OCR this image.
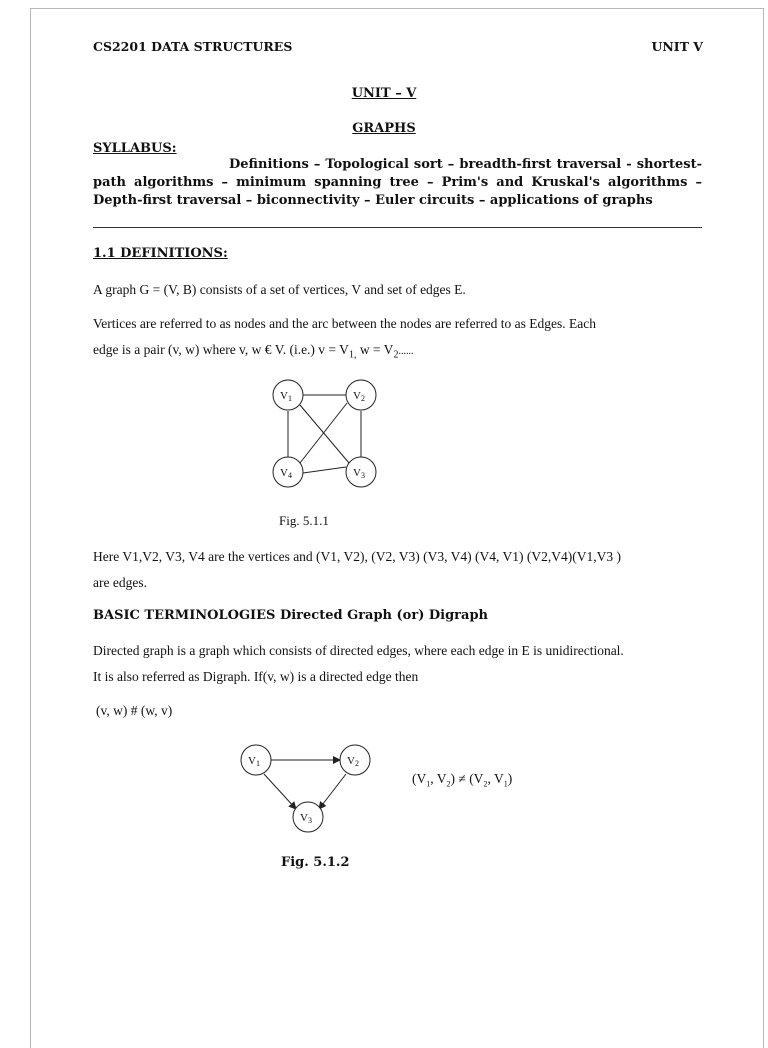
CS2201 DATA STRUCTURES	UNIT V
UNIT – V
GRAPHS
SYLLABUS:
Definitions – Topological sort – breadth-first traversal - shortest-path algorithms – minimum spanning tree – Prim's and Kruskal's algorithms – Depth-first traversal – biconnectivity – Euler circuits – applications of graphs
1.1 DEFINITIONS:
A graph G = (V, B) consists of a set of vertices, V and set of edges E.
Vertices are referred to as nodes and the arc between the nodes are referred to as Edges. Each
edge is a pair (v, w) where v, w € V. (i.e.) $v = V_{1,}$ $w = V_2$......
V1	V2
V3
V4
Fig. 5.1.1
Here V1,V2, V3, V4 are the vertices and (V1, V2), (V2, V3) (V3, V4) (V4, V1) (V2,V4)(V1,V3 )
are edges.
BASIC TERMINOLOGIES Directed Graph (or) Digraph
Directed graph is a graph which consists of directed edges, where each edge in E is unidirectional.
It is also referred as Digraph. If(v, w) is a directed edge then
(v, w) # (w, v)
V1	V2
V3
($V_1$, $V_2) \ne (V_2$, $V_1$)
Fig. 5.1.2
